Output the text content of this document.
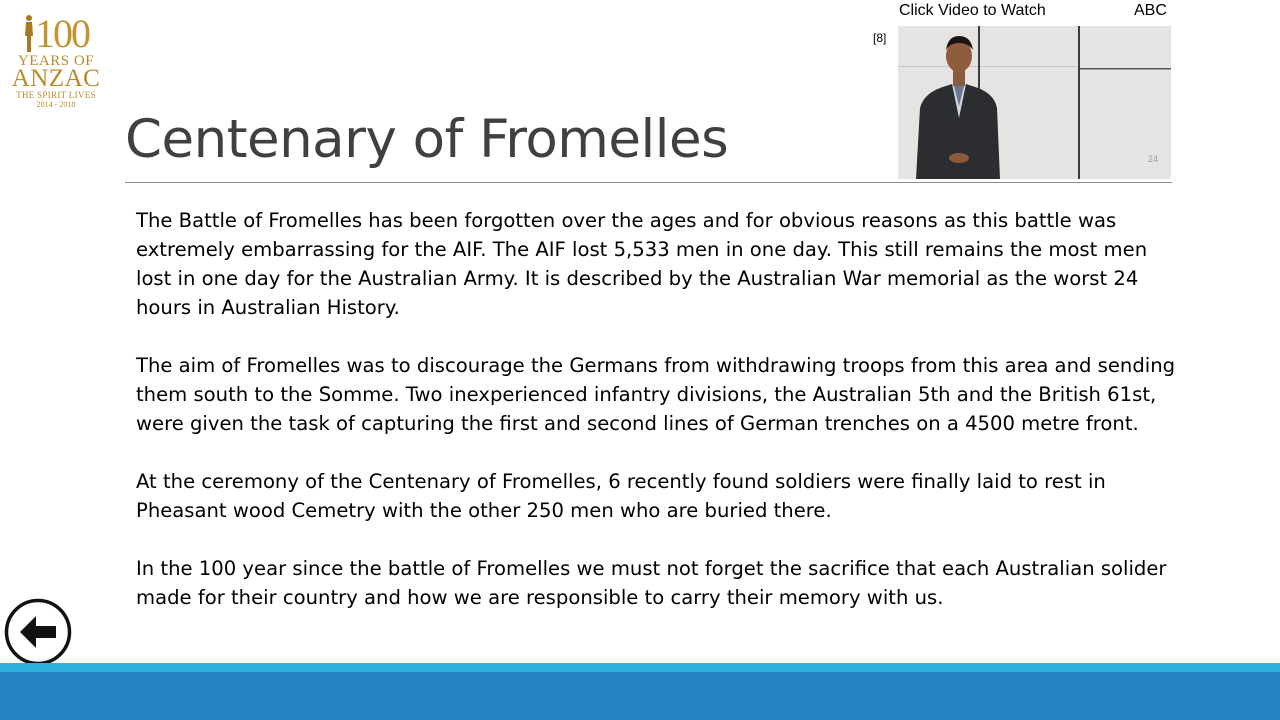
100
YEARS OF
ANZAC
THE SPIRIT LIVES
2014 - 2018
Centenary of Fromelles
Click Video to Watch	ABC
[8]
24

The Battle of Fromelles has been forgotten over the ages and for obvious reasons as this battle was extremely embarrassing for the AIF. The AIF lost 5,533 men in one day. This still remains the most men lost in one day for the Australian Army. It is described by the Australian War memorial as the worst 24 hours in Australian History.

The aim of Fromelles was to discourage the Germans from withdrawing troops from this area and sending them south to the Somme. Two inexperienced infantry divisions, the Australian 5th and the British 61st, were given the task of capturing the first and second lines of German trenches on a 4500 metre front.

At the ceremony of the Centenary of Fromelles, 6 recently found soldiers were finally laid to rest in Pheasant wood Cemetry with the other 250 men who are buried there.

In the 100 year since the battle of Fromelles we must not forget the sacrifice that each Australian solider made for their country and how we are responsible to carry their memory with us.
